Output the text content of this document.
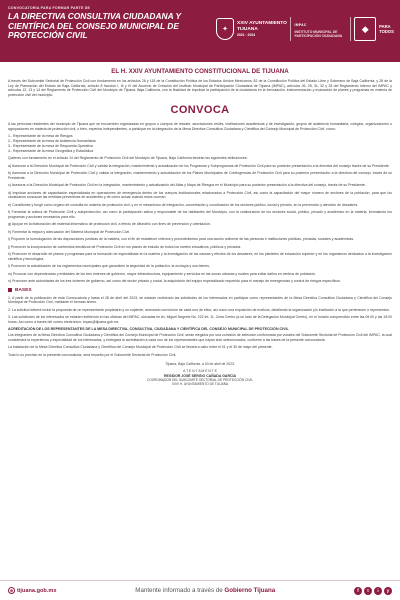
CONVOCATORIA PARA FORMAR PARTE DE
LA DIRECTIVA CONSULTIVA CIUDADANA Y CIENTÍFICA DEL CONSEJO MUNICIPAL DE PROTECCIÓN CIVIL
✦
XXIV AYUNTAMIENTO
TIJUANA
2021 · 2024
IMPAC
INSTITUTO MUNICIPAL DE PARTICIPACIÓN CIUDADANA
◆	PARA
TODOS
EL H. XXIV AYUNTAMIENTO CONSTITUCIONAL DE TIJUANA
A través del Subcomité Sectorial de Protección Civil con fundamento en los artículos 26 y 115 de la Constitución Política de los Estados Unidos Mexicanos; 82 de la Constitución Política del Estado Libre y Soberano de Baja California, y 28 de la Ley de Planeación del Estado de Baja California, artículo 8 fracción I, III y IV del Acuerdo de Creación del Instituto Municipal de Participación Ciudadana de Tijuana (IMPAC), artículos 26, 28, 31, 32 y 33 del Reglamento Interno del IMPAC y artículos 12, 13 y 14 del Reglamento de Protección Civil del Municipio de Tijuana, Baja California, con la finalidad de impulsar la participación de la ciudadanía en la formulación, instrumentación y evaluación de planes y programas en materia de protección civil del municipio.
CONVOCA
A las personas residentes del municipio de Tijuana que se encuentren organizadas en grupos o cuerpos de rescate, asociaciones civiles, instituciones académicas y de investigación, grupos de asistencia humanitaria, colegios, organizaciones o agrupaciones en materia de protección civil, o bien, expertos independientes, a participar en la integración de la Mesa Directiva Consultiva Ciudadana y Científica del Consejo Municipal de Protección Civil, como:
1.- Representante de la mesa de Riesgos
2.- Representante de la mesa de Asistencia Humanitaria
3.- Representante de la mesa de Respuesta Operativa
4.- Representante de la mesa Geográfica y Estadística
Quienes con fundamento en el artículo 14 del Reglamento de Protección Civil del Municipio de Tijuana, Baja California tendrán las siguientes atribuciones:
a) Asesorar a la Dirección Municipal de Protección Civil y validar la integración, mantenimiento y actualización de los Programas y Subprogramas de Protección Civil para su posterior presentación a la directiva del consejo través de su Presidente.
b) Asesorar a la Dirección Municipal de Protección Civil y validar la integración, mantenimiento y actualización de los Planes Municipales de Contingencias de Protección Civil para su posterior presentación a la directiva del consejo, través de su Presidente.
c) Asesorar a la Dirección Municipal de Protección Civil en la integración, mantenimiento y actualización del Atlas y Mapa de Riesgos en el Municipio para su posterior presentación a la directiva del consejo, través de su Presidente.
d) Impulsar acciones de capacitación especializada en operaciones de emergencia dentro de los cuerpos institucionales relacionados a Protección Civil, así como la capacitación del mayor número de sectores de la población, para que los ciudadanos conozcan las medidas preventivas de accidentes y de cómo actuar cuando estos ocurran.
e) Constituirse y fungir como órgano de consulta en materia de protección civil, y en el mecanismo de integración, concertación y coordinación de los sectores público, social y privado, en la prevención y atención de desastres.
f) Fomentar la cultura de Protección Civil y autoprotección, así como la participación activa y responsable de los habitantes del Municipio, con la colaboración de los sectores social, público, privado y académico en la materia, formulando los programas y acciones necesarios para ello.
g) Apoyar en la elaboración del material informativo de protección civil, a efecto de difundirlo con fines de prevención y orientación.
h) Fomentar la mejora y adecuación del Sistema Municipal de Protección Civil.
i) Proponer la homologación de las disposiciones jurídicas de la materia, con el fin de establecer criterios y procedimientos para una acción uniforme de las personas e instituciones públicas, privadas, sociales y académicas.
j) Promover la incorporación de contenidos temáticos de Protección Civil en los planes de estudio de todos los niveles educativos, públicos y privados.
k) Promover el desarrollo de planes y programas para la formación de especialistas en la materia y la investigación de las causas y efectos de los desastres, en los planteles de educación superior y en los organismos dedicados a la investigación científica y tecnológica.
l) Promover la actualización de los reglamentos municipales que garanticen la seguridad de la población, la ecología y sus bienes.
m) Procurar con dependencias y entidades de los tres órdenes de gobierno, mayor infraestructura, equipamiento y servicios en las zonas urbanas y rurales para evitar daños en centros de población.
n) Promover ante autoridades de los tres órdenes de gobierno, así como del sector privado y social, la adquisición del equipo especializado requerido para el manejo de emergencias y control de riesgos específicos.
BASES
1. A partir de la publicación de esta Convocatoria y hasta el 28 de abril del 2023, se estarán recibiendo las solicitudes de los interesados en participar como representantes de la Mesa Directiva Consultiva Ciudadana y Científica del Consejo Municipal de Protección Civil, mediante el formato anexo.
2. La solicitud deberá incluir la propuesta de un representante propietario y un suplente, anexando currículum de cada uno de ellos, así como una exposición de motivos, detallando la organización y/o institución a la que pertenecen o representan.
3. Las solicitudes de los interesados se estarán recibiendo en las oficinas del IMPAC, ubicadas en Av. Miguel Negrete No. 222 int. 11, Zona Centro (a un lado de la Delegación Municipal Centro), en el horario comprendido entre las 09:00 y las 15:00 horas. Así como a través del correo electrónico: impac@tijuana.gob.mx
ACREDITACIÓN DE LOS REPRESENTANTES DE LA MESA DIRECTIVA, CONSULTIVA, CIUDADANA Y CIENTÍFICA DEL CONSEJO MUNICIPAL DE PROTECCIÓN CIVIL
Los integrantes de la Mesa Directiva Consultiva Ciudadana y Científica del Consejo Municipal de Protección Civil, serán elegidos por una comisión de selección conformada por vocales del Subcomité Sectorial de Protección Civil del IMPAC, la cual considerará la experiencia y especialidad de los interesados, y entregará la acreditación a cada uno de los representantes que hayan sido seleccionados, conforme a las bases de la presente convocatoria.
La instalación de la Mesa Directiva Consultiva Ciudadana y Científica del Consejo Municipal de Protección Civil se llevará a cabo entre el 01 y el 30 de mayo del presente.
Todo lo no previsto en la presente convocatoria, será resuelto por el Subcomité Sectorial de Protección Civil.
Tijuana, Baja California, a 03 de abril de 2023.
A T E N T A M E N T E
REGIDOR JOSÉ SERGIO CAÑADA GARCÍA
COORDINADOR DEL SUBCOMITÉ SECTORIAL DE PROTECCIÓN CIVIL
XXIV H. AYUNTAMIENTO DE TIJUANA
⊕ tijuana.gob.mx	Mantente informado a través de Gobierno Tijuana	f	t	i	y
